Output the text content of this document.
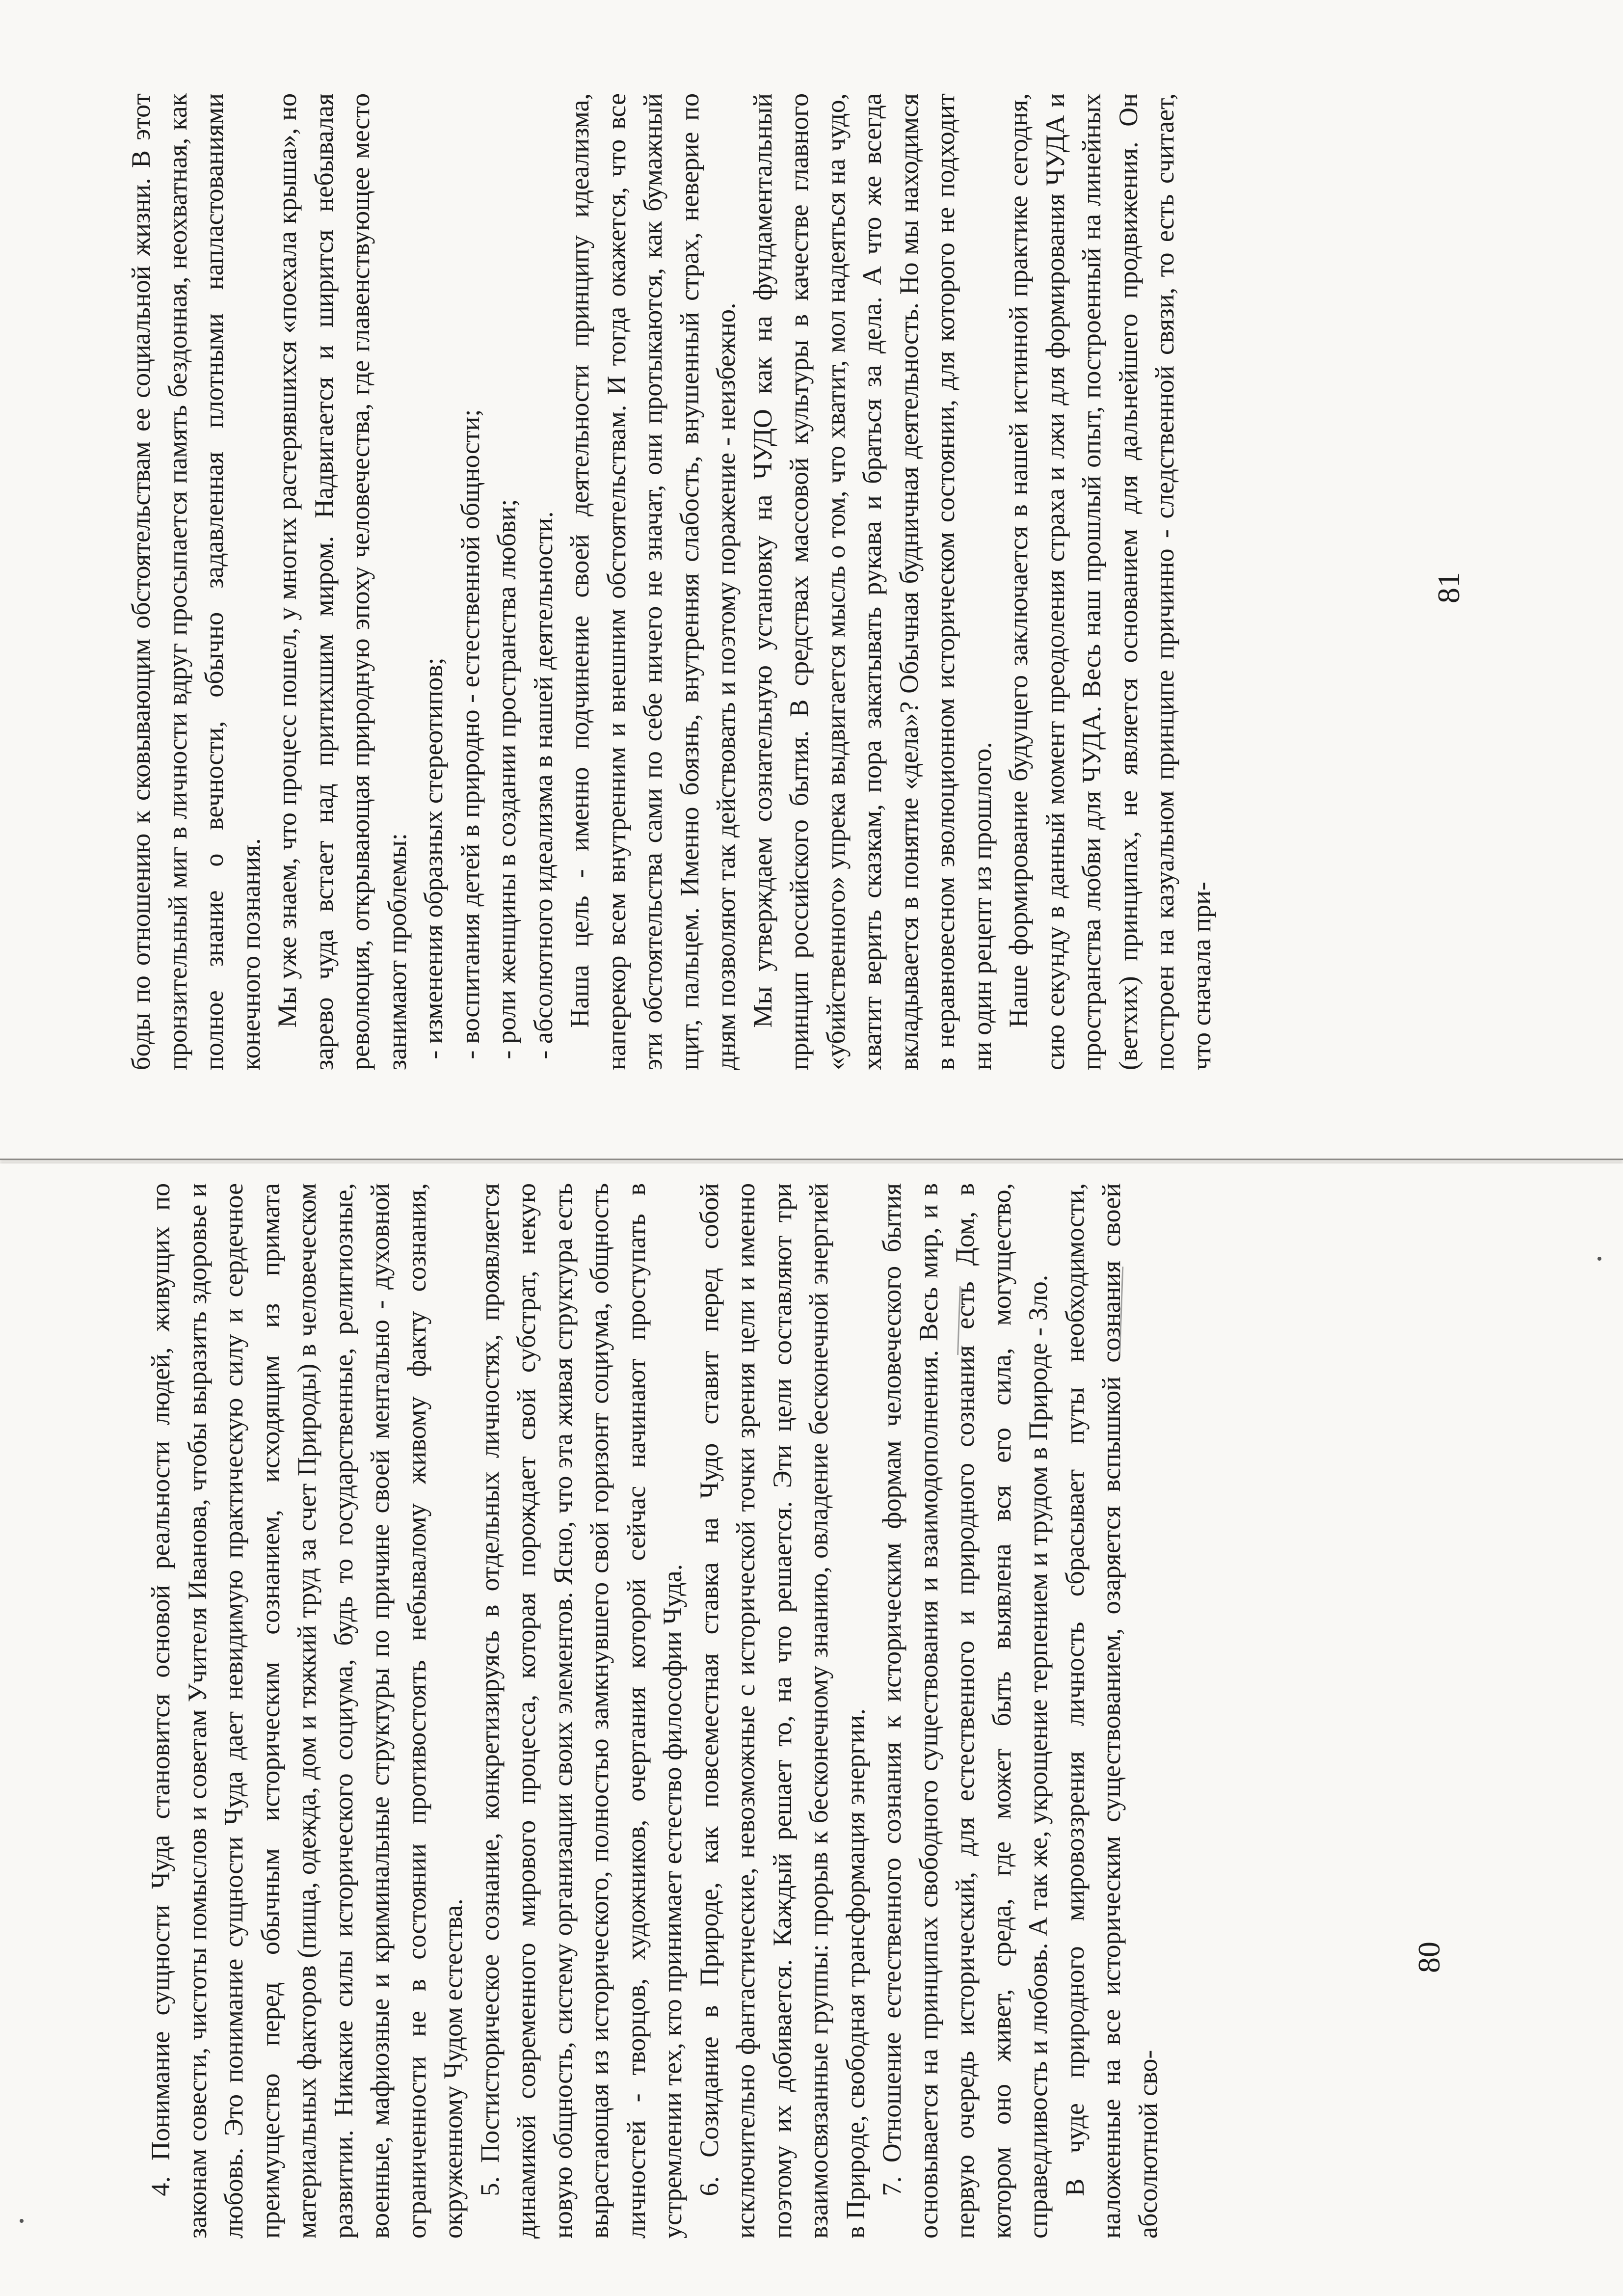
боды по отношению к сковывающим обстоятельствам ее социальной жизни. В этот пронзительный миг в личности вдруг просыпается память бездонная, неохватная, как полное знание о вечности, обычно задавленная плотными напластованиями конечного познания. Мы уже знаем, что процесс пошел, у многих растерявшихся «поехала крыша», но зарево чуда встает над притихшим миром. Надвигается и ширится небывалая революция, открывающая природную эпоху человечества, где главенствующее место занимают проблемы: - изменения образных стереотипов; - воспитания детей в природно - естественной общности; - роли женщины в создании пространства любви; - абсолютного идеализма в нашей деятельности. Наша цель - именно подчинение своей деятельности принципу идеализма, наперекор всем внутренним и внешним обстоятельствам. И тогда окажется, что все эти обстоятельства сами по себе ничего не значат, они протыкаются, как бумажный щит, пальцем. Именно боязнь, внутренняя слабость, внушенный страх, неверие по дням позволяют так действовать и поэтому поражение - неизбежно. Мы утверждаем сознательную установку на ЧУДО как на фундаментальный принцип российского бытия. В средствах массовой культуры в качестве главного «убийственного» упрека выдвигается мысль о том, что хватит, мол надеяться на чудо, хватит верить сказкам, пора закатывать рукава и браться за дела. А что же всегда вкладывается в понятие «дела»? Обычная будничная деятельность. Но мы находимся в неравновесном эволюционном историческом состоянии, для которого не подходит ни один рецепт из прошлого. Наше формирование будущего заключается в нашей истинной практике сегодня, сию секунду в данный момент преодоления страха и лжи для формирования ЧУДА и пространства любви для ЧУДА. Весь наш прошлый опыт, построенный на линейных (ветхих) принципах, не является основанием для дальнейшего продвижения. Он построен на казуальном принципе причинно - следственной связи, то есть считает, что сначала при-

81

4. Понимание сущности Чуда становится основой реальности людей, живущих по законам совести, чистоты помыслов и советам Учителя Иванова, чтобы выразить здоровье и любовь. Это понимание сущности Чуда дает невидимую практическую силу и сердечное преимущество перед обычным историческим сознанием, исходящим из примата материальных факторов (пища, одежда, дом и тяжкий труд за счет Природы) в человеческом развитии. Никакие силы исторического социума, будь то государственные, религиозные, военные, мафиозные и криминальные структуры по причине своей ментально - духовной ограниченности не в состоянии противостоять небывалому живому факту сознания, окруженному Чудом естества. 5. Постисторическое сознание, конкретизируясь в отдельных личностях, проявляется динамикой современного мирового процесса, которая порождает свой субстрат, некую новую общность, систему организации своих элементов. Ясно, что эта живая структура есть вырастающая из исторического, полностью замкнувшего свой горизонт социума, общность личностей - творцов, художников, очертания которой сейчас начинают проступать в устремлении тех, кто принимает естество философии Чуда. 6. Созидание в Природе, как повсеместная ставка на Чудо ставит перед собой исключительно фантастические, невозможные с исторической точки зрения цели и именно поэтому их добивается. Каждый решает то, на что решается. Эти цели составляют три взаимосвязанные группы: прорыв к бесконечному знанию, овладение бесконечной энергией в Природе, свободная трансформация энергии. 7. Отношение естественного сознания к историческим формам человеческого бытия основывается на принципах свободного существования и взаимодополнения. Весь мир, и в первую очередь исторический, для естественного и природного сознания есть Дом, в котором оно живет, среда, где может быть выявлена вся его сила, могущество, справедливость и любовь. А так же, укрощение терпением и трудом в Природе - Зло. В чуде природного мировоззрения личность сбрасывает путы необходимости, наложенные на все историческим существованием, озаряется вспышкой сознания своей абсолютной сво-

80
